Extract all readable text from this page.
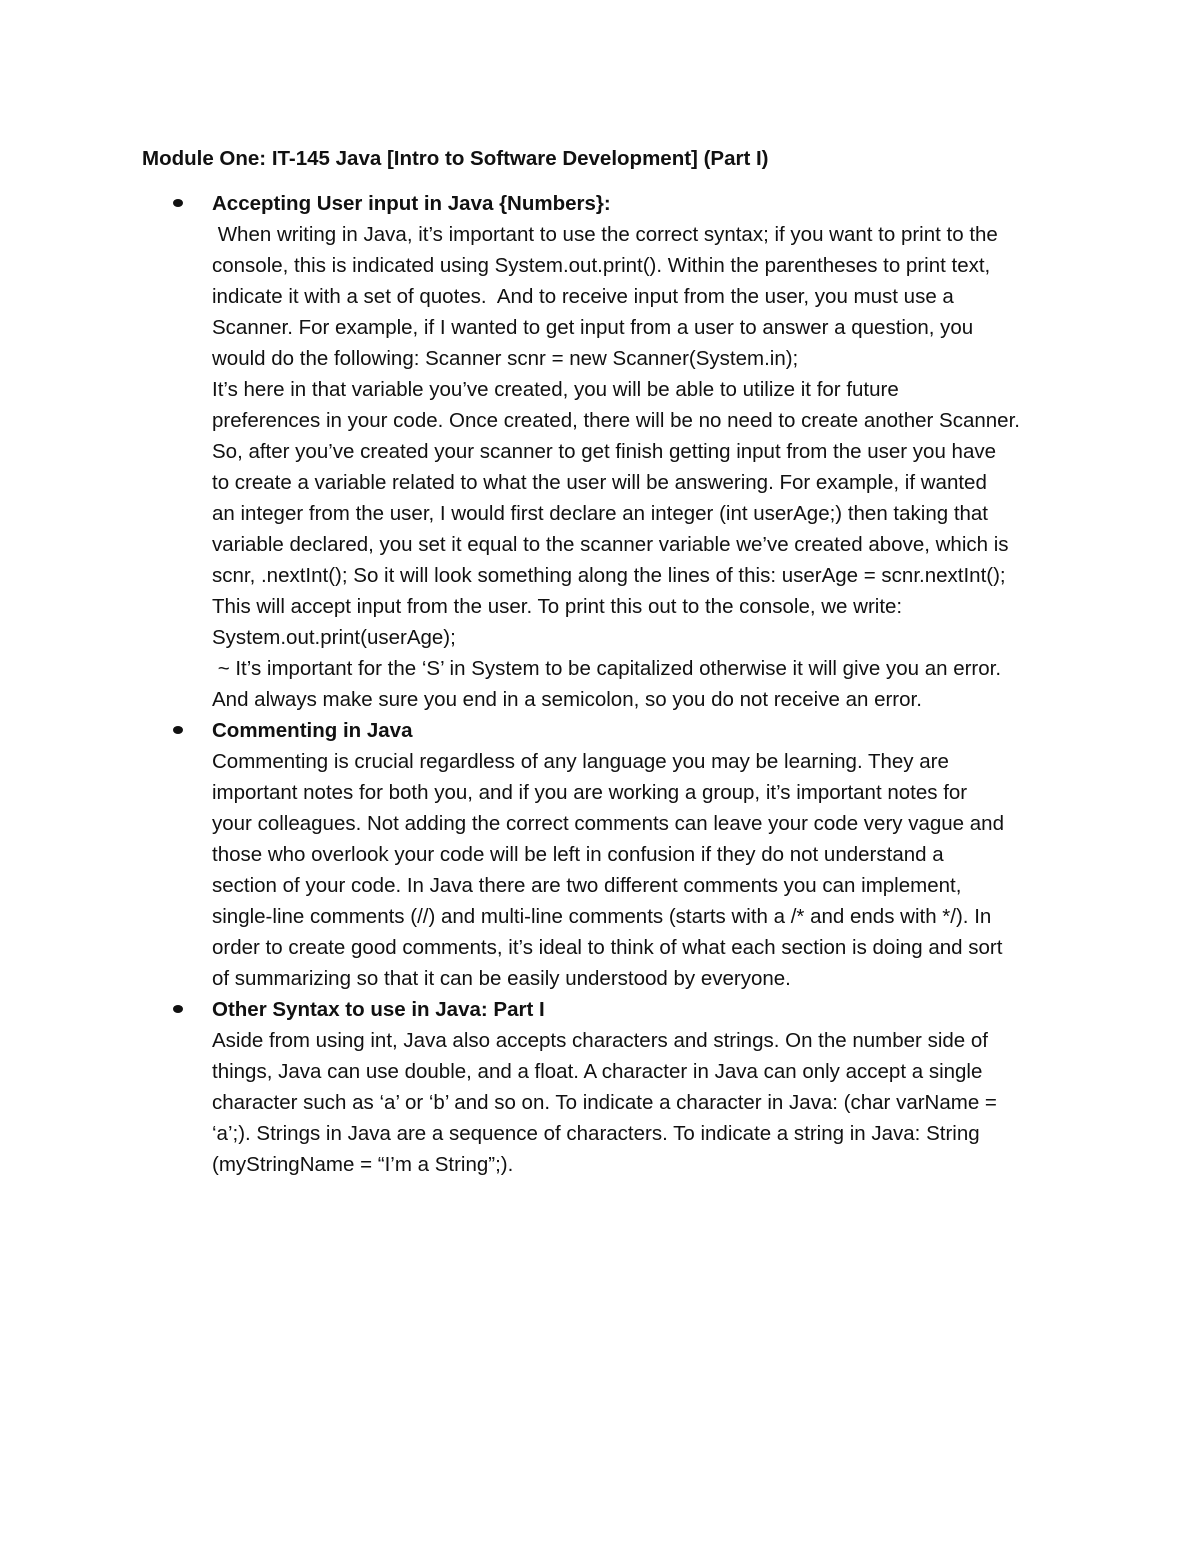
Module One: IT-145 Java [Intro to Software Development] (Part I)
Accepting User input in Java {Numbers}:
When writing in Java, it’s important to use the correct syntax; if you want to print to the
console, this is indicated using System.out.print(). Within the parentheses to print text,
indicate it with a set of quotes.  And to receive input from the user, you must use a
Scanner. For example, if I wanted to get input from a user to answer a question, you
would do the following: Scanner scnr = new Scanner(System.in);
It’s here in that variable you’ve created, you will be able to utilize it for future
preferences in your code. Once created, there will be no need to create another Scanner.
So, after you’ve created your scanner to get finish getting input from the user you have
to create a variable related to what the user will be answering. For example, if wanted
an integer from the user, I would first declare an integer (int userAge;) then taking that
variable declared, you set it equal to the scanner variable we’ve created above, which is
scnr, .nextInt(); So it will look something along the lines of this: userAge = scnr.nextInt();
This will accept input from the user. To print this out to the console, we write:
System.out.print(userAge);
~ It’s important for the ‘S’ in System to be capitalized otherwise it will give you an error.
And always make sure you end in a semicolon, so you do not receive an error.
Commenting in Java
Commenting is crucial regardless of any language you may be learning. They are
important notes for both you, and if you are working a group, it’s important notes for
your colleagues. Not adding the correct comments can leave your code very vague and
those who overlook your code will be left in confusion if they do not understand a
section of your code. In Java there are two different comments you can implement,
single-line comments (//) and multi-line comments (starts with a /* and ends with */). In
order to create good comments, it’s ideal to think of what each section is doing and sort
of summarizing so that it can be easily understood by everyone.
Other Syntax to use in Java: Part I
Aside from using int, Java also accepts characters and strings. On the number side of
things, Java can use double, and a float. A character in Java can only accept a single
character such as ‘a’ or ‘b’ and so on. To indicate a character in Java: (char varName =
‘a’;). Strings in Java are a sequence of characters. To indicate a string in Java: String
(myStringName = “I’m a String”;).
